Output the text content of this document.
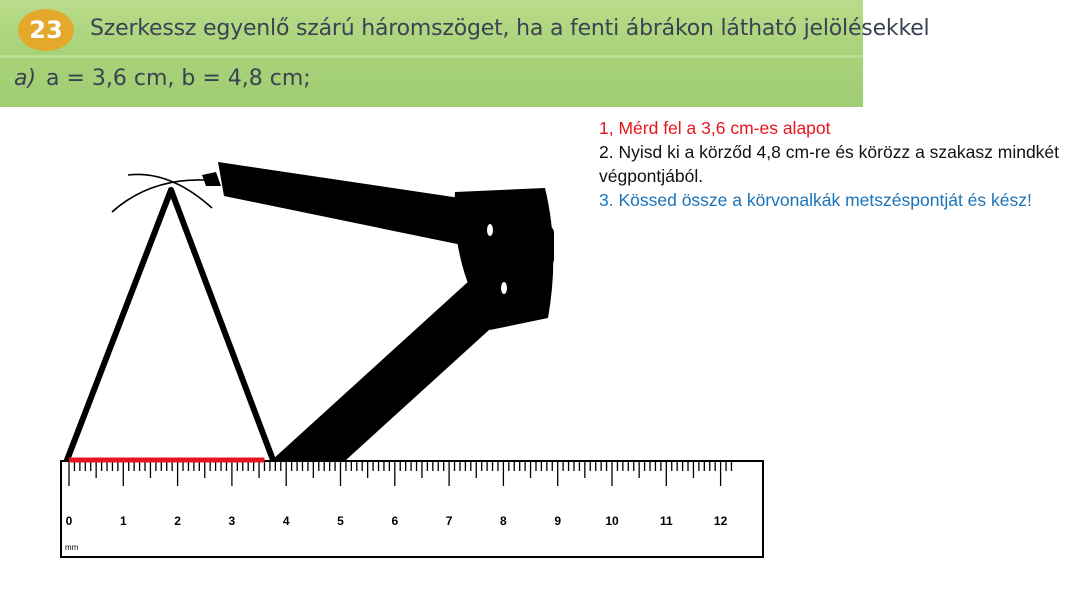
23	Szerkessz egyenlő szárú háromszöget, ha a fenti ábrákon látható jelölésekkel
a) a = 3,6 cm, b = 4,8 cm;
1, Mérd fel a 3,6 cm-es alapot
2. Nyisd ki a körződ 4,8 cm-re és körözz a szakasz mindkét végpontjából.
3. Kössed össze a körvonalkák metszéspontját és kész!
0	1	2	3	4	5	6	7	8	9	10	11	12
mm
